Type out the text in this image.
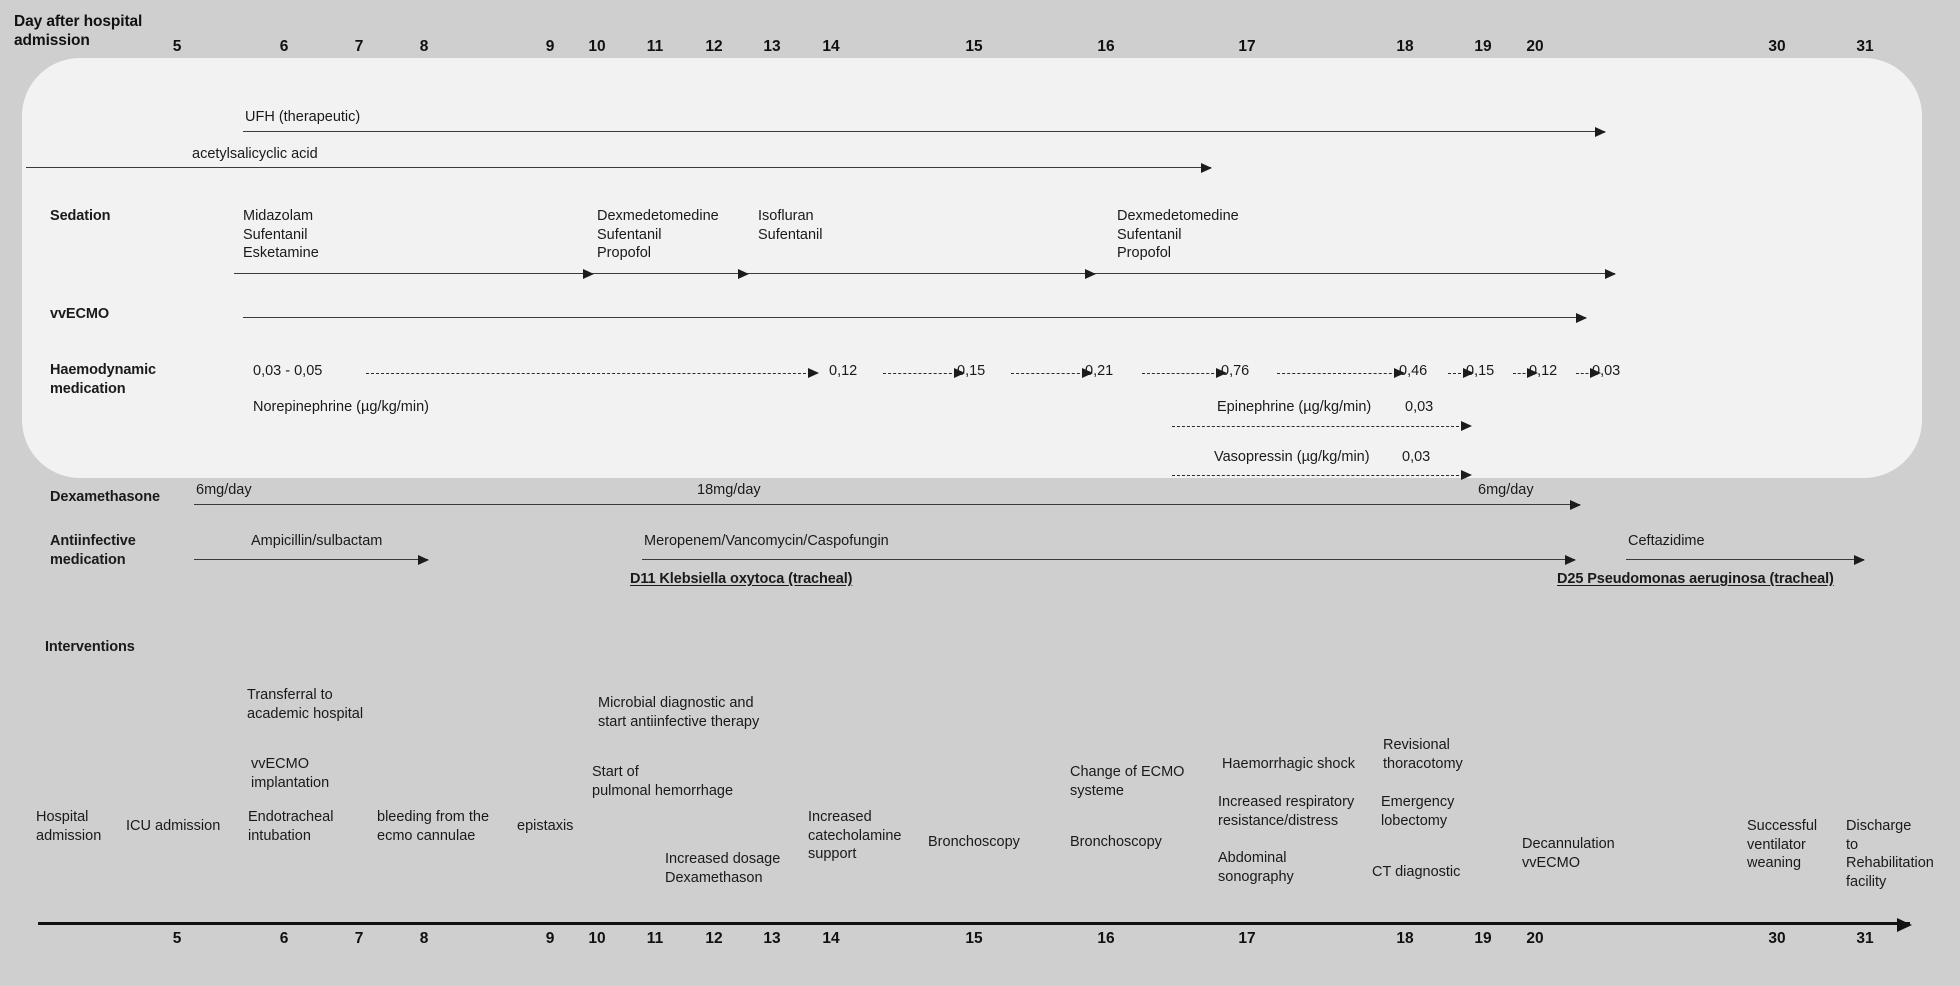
Day after hospital
admission	5	6	7	8	9 10	11	12	13	14	15	16	17	18	19 20	30	31
UFH (therapeutic)
acetylsalicyclic acid
Sedation	Midazolam
Sufentanil
Esketamine
Dexmedetomedine
Sufentanil
Propofol
Isofluran
Sufentanil
Dexmedetomedine
Sufentanil
Propofol
vvECMO
Haemodynamic
medication
0,03 - 0,05	0,12	0,15	0,21	0,76	0,46	0,15 0,12 0,03
Norepinephrine (µg/kg/min)	Epinephrine (µg/kg/min) 0,03
Vasopressin (µg/kg/min) 0,03
Dexamethasone 6mg/day	18mg/day	6mg/day
Antiinfective
medication
Ampicillin/sulbactam	Meropenem/Vancomycin/Caspofungin
D11 Klebsiella oxytoca (tracheal)
Ceftazidime
D25 Pseudomonas aeruginosa (tracheal)
Interventions
Hospital
admission
ICU admission
Transferral to
academic hospital
vvECMO
implantation
Endotracheal
intubation
bleeding from the
ecmo cannulae
epistaxis
Microbial diagnostic and
start antiinfective therapy
Start of
pulmonal hemorrhage
Increased dosage
Dexamethason
Increased
catecholamine
support
Bronchoscopy
Change of ECMO
systeme
Bronchoscopy
Haemorrhagic shock
Increased respiratory
resistance/distress
Abdominal
sonography
Revisional
thoracotomy
Emergency
lobectomy
CT diagnostic
Decannulation
vvECMO
Successful
ventilator
weaning
Discharge
to
Rehabilitation
facility
5	6	7	8	9 10	11	12	13	14	15	16	17	18	19 20	30	31
